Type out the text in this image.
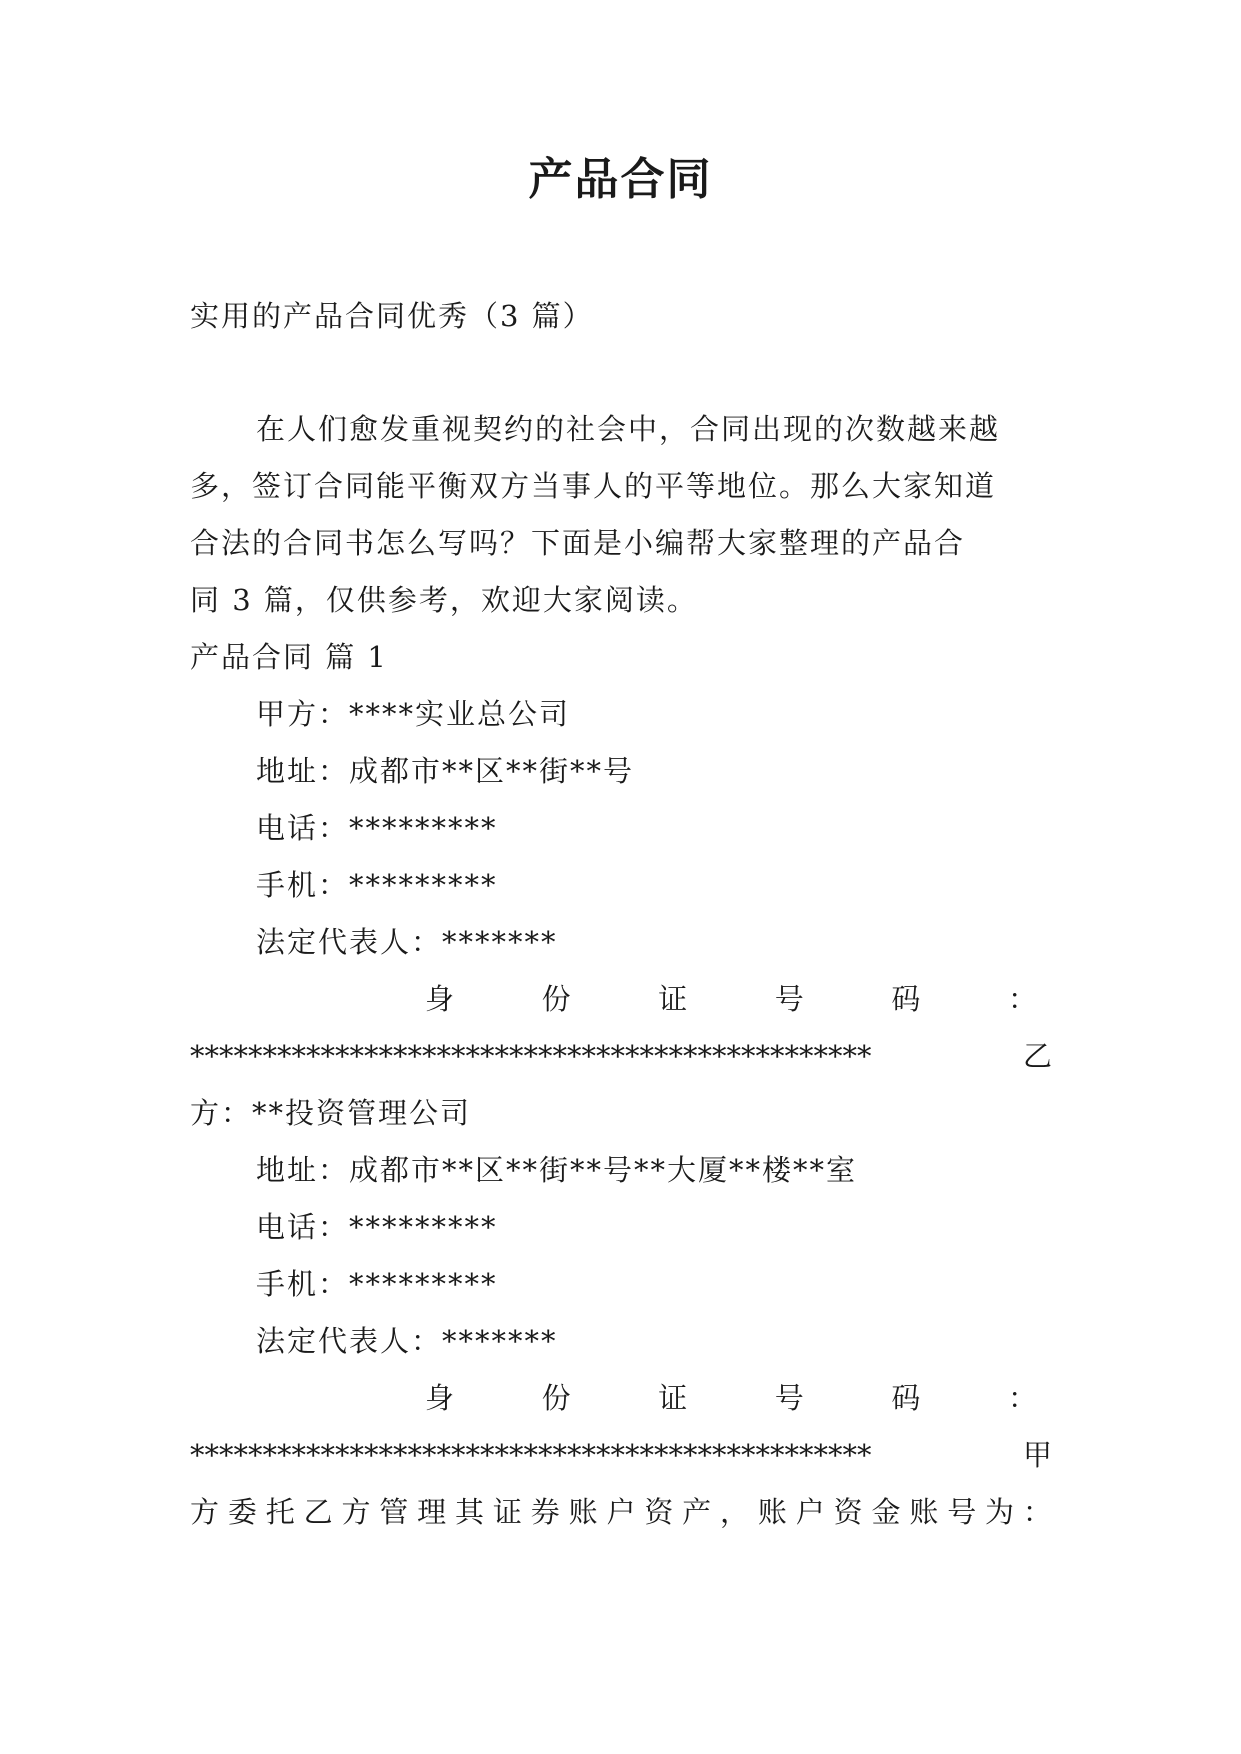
产品合同
实用的产品合同优秀（3 篇）
在人们愈发重视契约的社会中，合同出现的次数越来越
多，签订合同能平衡双方当事人的平等地位。那么大家知道
合法的合同书怎么写吗？下面是小编帮大家整理的产品合
同 3 篇，仅供参考，欢迎大家阅读。
产品合同 篇 1
甲方：****实业总公司
地址：成都市**区**街**号
电话：*********
手机：*********
法定代表人：*******
身	份	证	号	码	：
***********************************************	乙
方：**投资管理公司
地址：成都市**区**街**号**大厦**楼**室
电话：*********
手机：*********
法定代表人：*******
身	份	证	号	码	：
***********************************************	甲
方 委 托 乙 方 管 理 其 证 券 账 户 资 产 ， 账 户 资 金 账 号 为 ：
